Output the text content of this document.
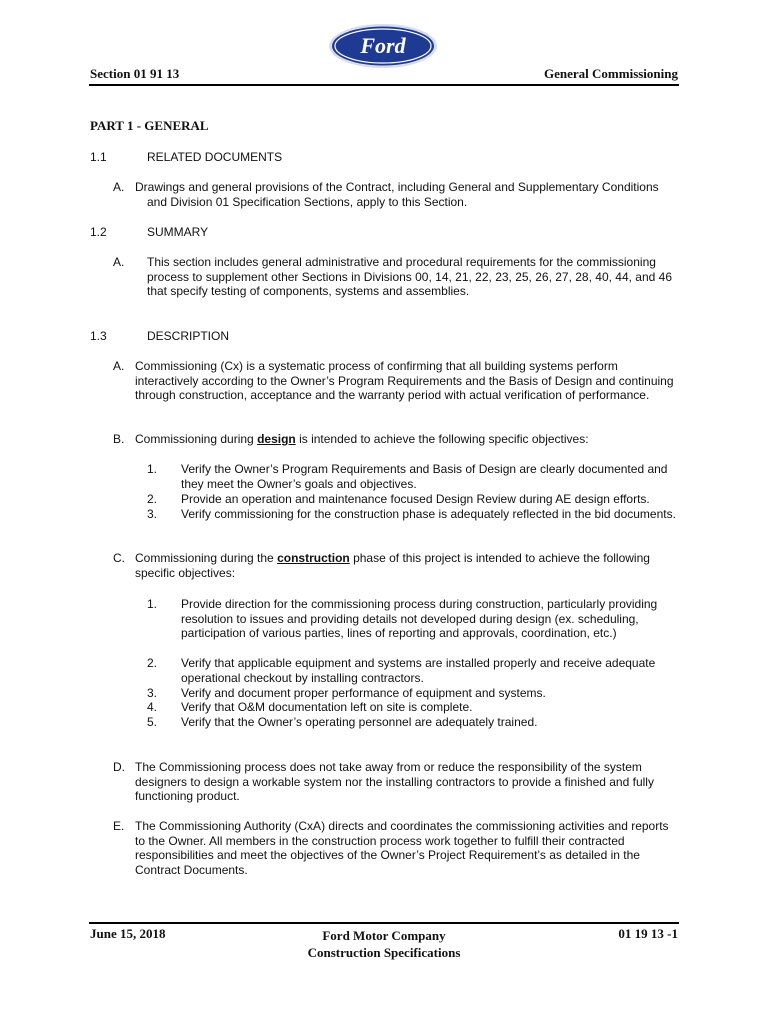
Ford
Section 01 91 13	General Commissioning
PART 1 - GENERAL
1.1	RELATED DOCUMENTS
A. Drawings and general provisions of the Contract, including General and Supplementary Conditions and Division 01 Specification Sections, apply to this Section.
1.2	SUMMARY
A. This section includes general administrative and procedural requirements for the commissioning process to supplement other Sections in Divisions 00, 14, 21, 22, 23, 25, 26, 27, 28, 40, 44, and 46 that specify testing of components, systems and assemblies.
1.3	DESCRIPTION
A. Commissioning (Cx) is a systematic process of confirming that all building systems perform interactively according to the Owner’s Program Requirements and the Basis of Design and continuing through construction, acceptance and the warranty period with actual verification of performance.
B. Commissioning during design is intended to achieve the following specific objectives:
1. Verify the Owner’s Program Requirements and Basis of Design are clearly documented and they meet the Owner’s goals and objectives.
2. Provide an operation and maintenance focused Design Review during AE design efforts.
3. Verify commissioning for the construction phase is adequately reflected in the bid documents.
C. Commissioning during the construction phase of this project is intended to achieve the following specific objectives:
1. Provide direction for the commissioning process during construction, particularly providing resolution to issues and providing details not developed during design (ex. scheduling, participation of various parties, lines of reporting and approvals, coordination, etc.)
2. Verify that applicable equipment and systems are installed properly and receive adequate operational checkout by installing contractors.
3. Verify and document proper performance of equipment and systems.
4. Verify that O&M documentation left on site is complete.
5. Verify that the Owner’s operating personnel are adequately trained.
D. The Commissioning process does not take away from or reduce the responsibility of the system designers to design a workable system nor the installing contractors to provide a finished and fully functioning product.
E. The Commissioning Authority (CxA) directs and coordinates the commissioning activities and reports to the Owner. All members in the construction process work together to fulfill their contracted responsibilities and meet the objectives of the Owner’s Project Requirement’s as detailed in the Contract Documents.
June 15, 2018	Ford Motor Company
Construction Specifications
01 19 13 -1
